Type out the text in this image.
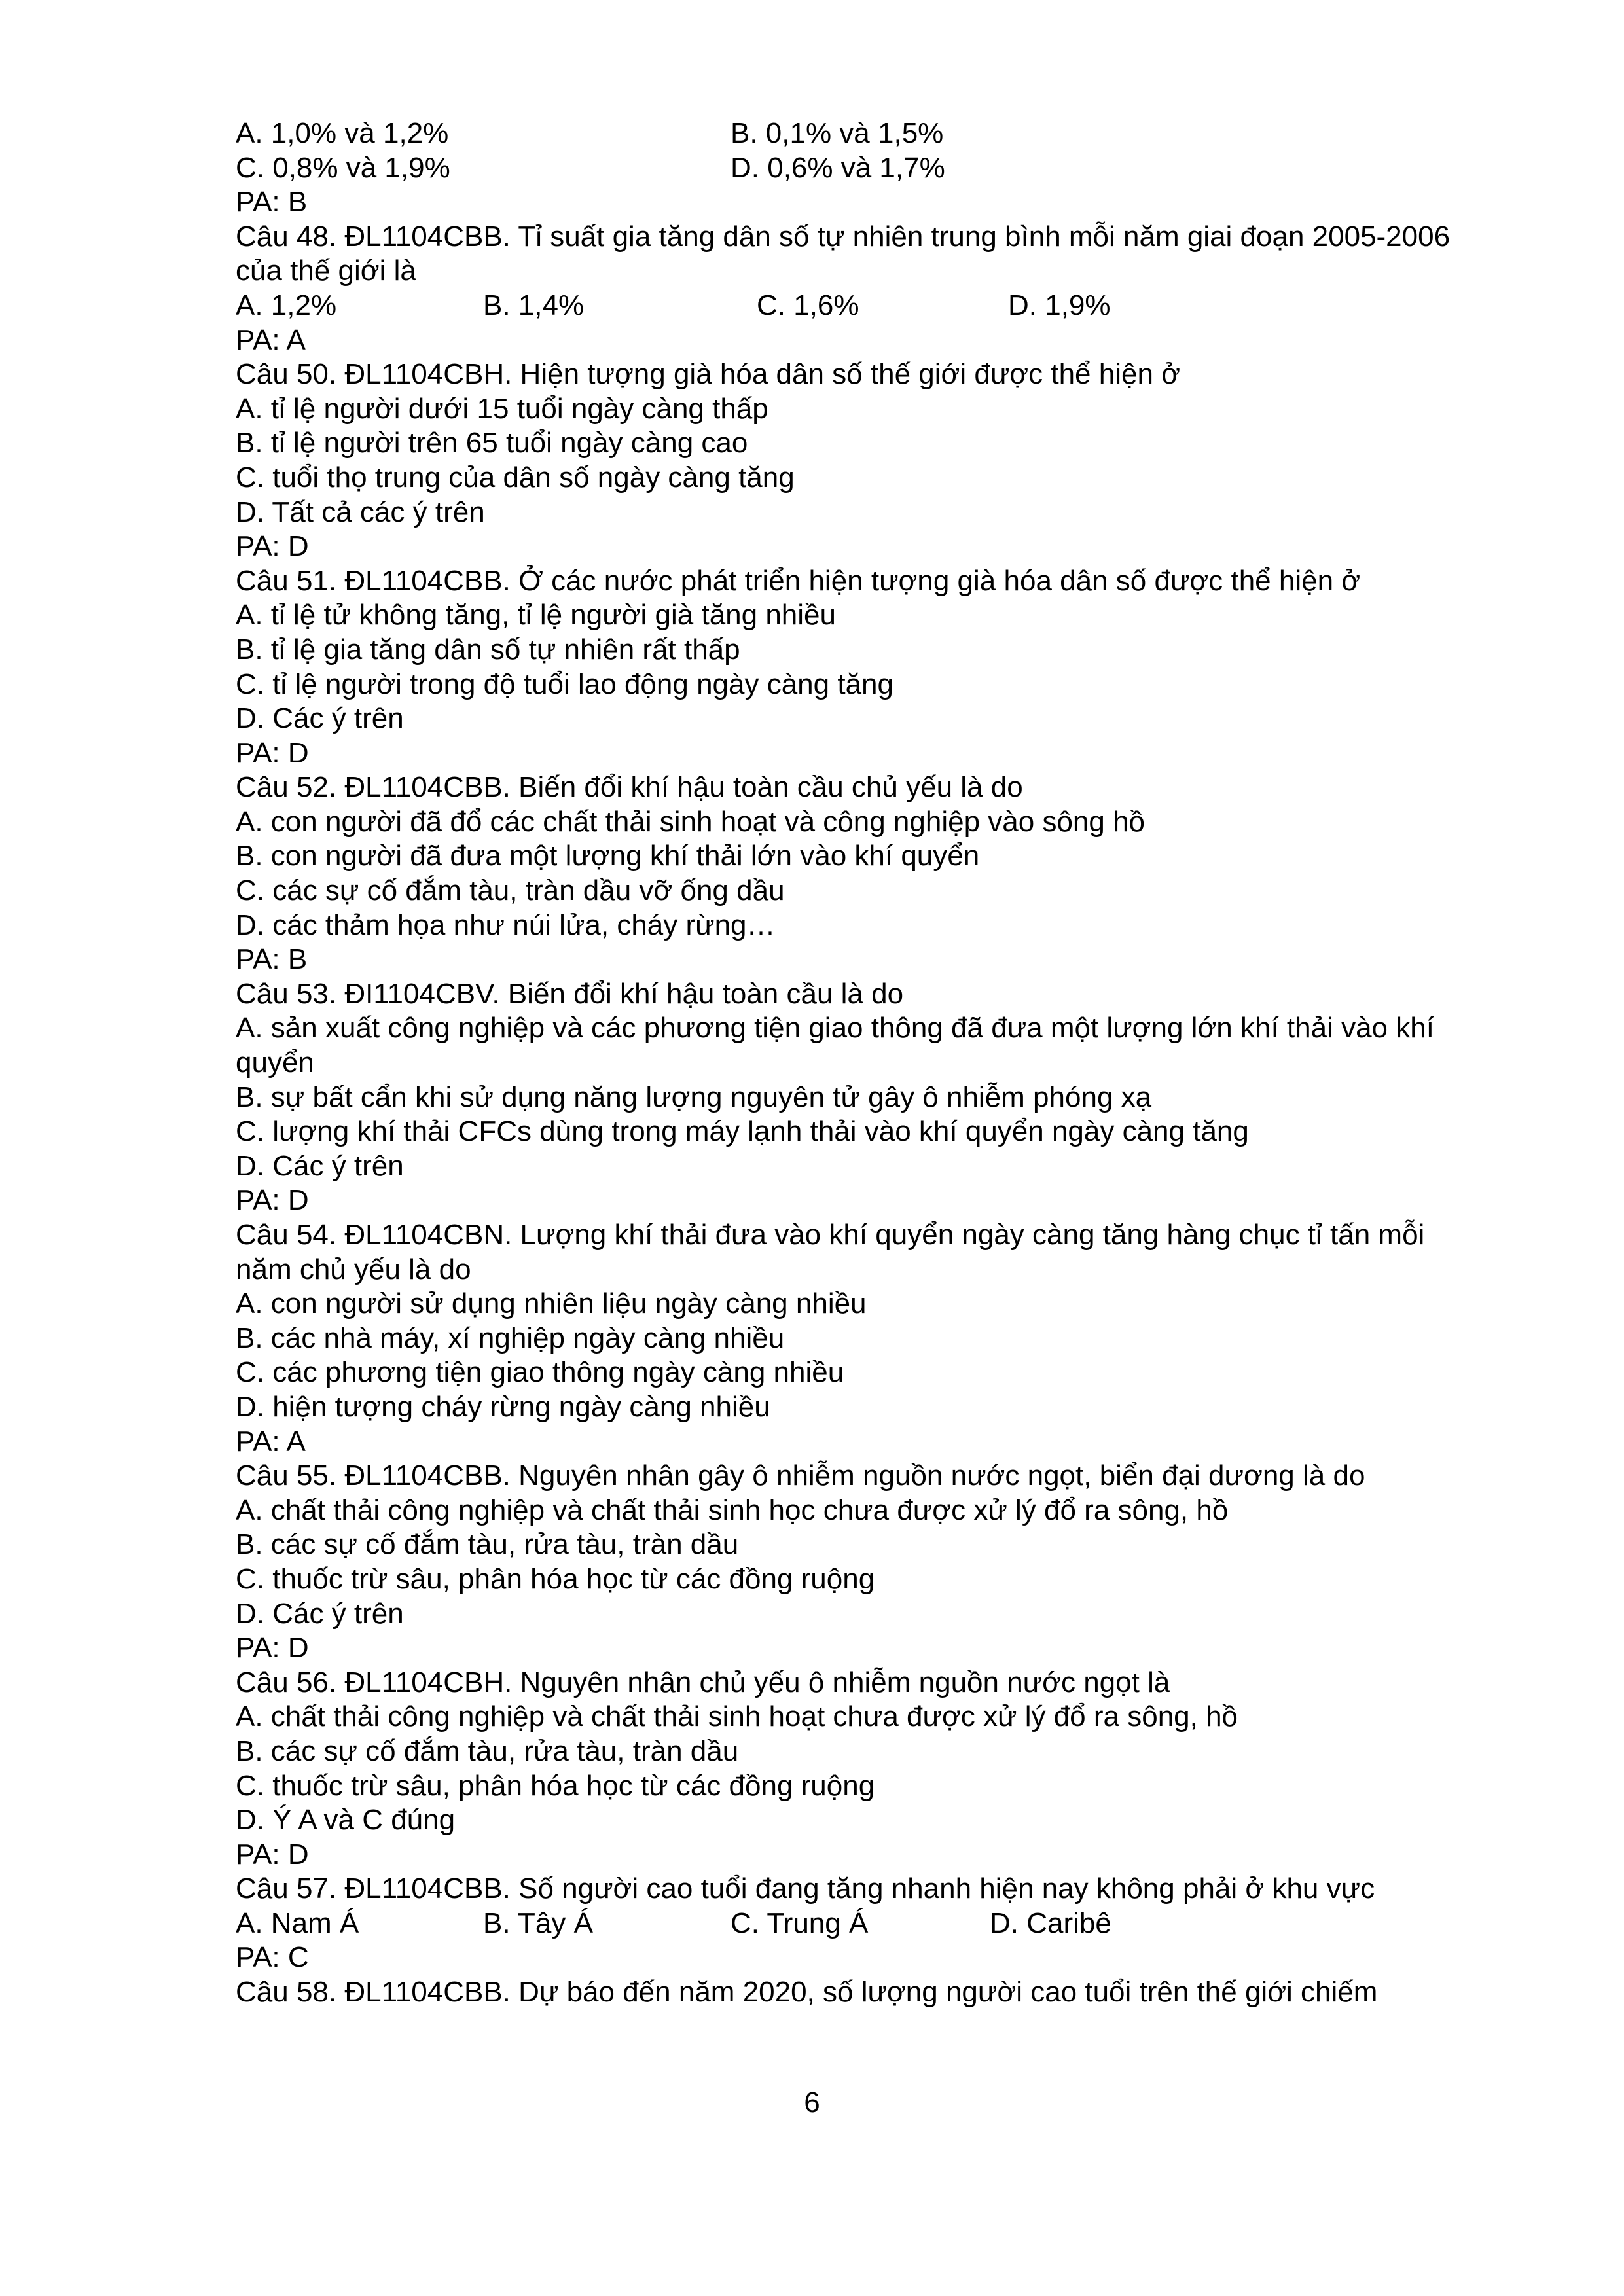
A. 1,0% và 1,2%	B. 0,1% và 1,5%
C. 0,8% và 1,9%	D. 0,6% và 1,7%
PA: B
Câu 48. ĐL1104CBB. Tỉ suất gia tăng dân số tự nhiên trung bình mỗi năm giai đoạn 2005-2006
của thế giới là
A. 1,2%	B. 1,4%	C. 1,6%	D. 1,9%
PA: A
Câu 50. ĐL1104CBH. Hiện tượng già hóa dân số thế giới được thể hiện ở
A. tỉ lệ người dưới 15 tuổi ngày càng thấp
B. tỉ lệ người trên 65 tuổi ngày càng cao
C. tuổi thọ trung của dân số ngày càng tăng
D. Tất cả các ý trên
PA: D
Câu 51. ĐL1104CBB. Ở các nước phát triển hiện tượng già hóa dân số được thể hiện ở
A. tỉ lệ tử không tăng, tỉ lệ người già tăng nhiều
B. tỉ lệ gia tăng dân số tự nhiên rất thấp
C. tỉ lệ người trong độ tuổi lao động ngày càng tăng
D. Các ý trên
PA: D
Câu 52. ĐL1104CBB. Biến đổi khí hậu toàn cầu chủ yếu là do
A. con người đã đổ các chất thải sinh hoạt và công nghiệp vào sông hồ
B. con người đã đưa một lượng khí thải lớn vào khí quyển
C. các sự cố đắm tàu, tràn dầu vỡ ống dầu
D. các thảm họa như núi lửa, cháy rừng…
PA: B
Câu 53. ĐI1104CBV. Biến đổi khí hậu toàn cầu là do
A. sản xuất công nghiệp và các phương tiện giao thông đã đưa một lượng lớn khí thải vào khí
quyển
B. sự bất cẩn khi sử dụng năng lượng nguyên tử gây ô nhiễm phóng xạ
C. lượng khí thải CFCs dùng trong máy lạnh thải vào khí quyển ngày càng tăng
D. Các ý trên
PA: D
Câu 54. ĐL1104CBN. Lượng khí thải đưa vào khí quyển ngày càng tăng hàng chục tỉ tấn mỗi
năm chủ yếu là do
A. con người sử dụng nhiên liệu ngày càng nhiều
B. các nhà máy, xí nghiệp ngày càng nhiều
C. các phương tiện giao thông ngày càng nhiều
D. hiện tượng cháy rừng ngày càng nhiều
PA: A
Câu 55. ĐL1104CBB. Nguyên nhân gây ô nhiễm nguồn nước ngọt, biển đại dương là do
A. chất thải công nghiệp và chất thải sinh học chưa được xử lý đổ ra sông, hồ
B. các sự cố đắm tàu, rửa tàu, tràn dầu
C. thuốc trừ sâu, phân hóa học từ các đồng ruộng
D. Các ý trên
PA: D
Câu 56. ĐL1104CBH. Nguyên nhân chủ yếu ô nhiễm nguồn nước ngọt là
A. chất thải công nghiệp và chất thải sinh hoạt chưa được xử lý đổ ra sông, hồ
B. các sự cố đắm tàu, rửa tàu, tràn dầu
C. thuốc trừ sâu, phân hóa học từ các đồng ruộng
D. Ý A và C đúng
PA: D
Câu 57. ĐL1104CBB. Số người cao tuổi đang tăng nhanh hiện nay không phải ở khu vực
A. Nam Á	B. Tây Á	C. Trung Á	D. Caribê
PA: C
Câu 58. ĐL1104CBB. Dự báo đến năm 2020, số lượng người cao tuổi trên thế giới chiếm
6
